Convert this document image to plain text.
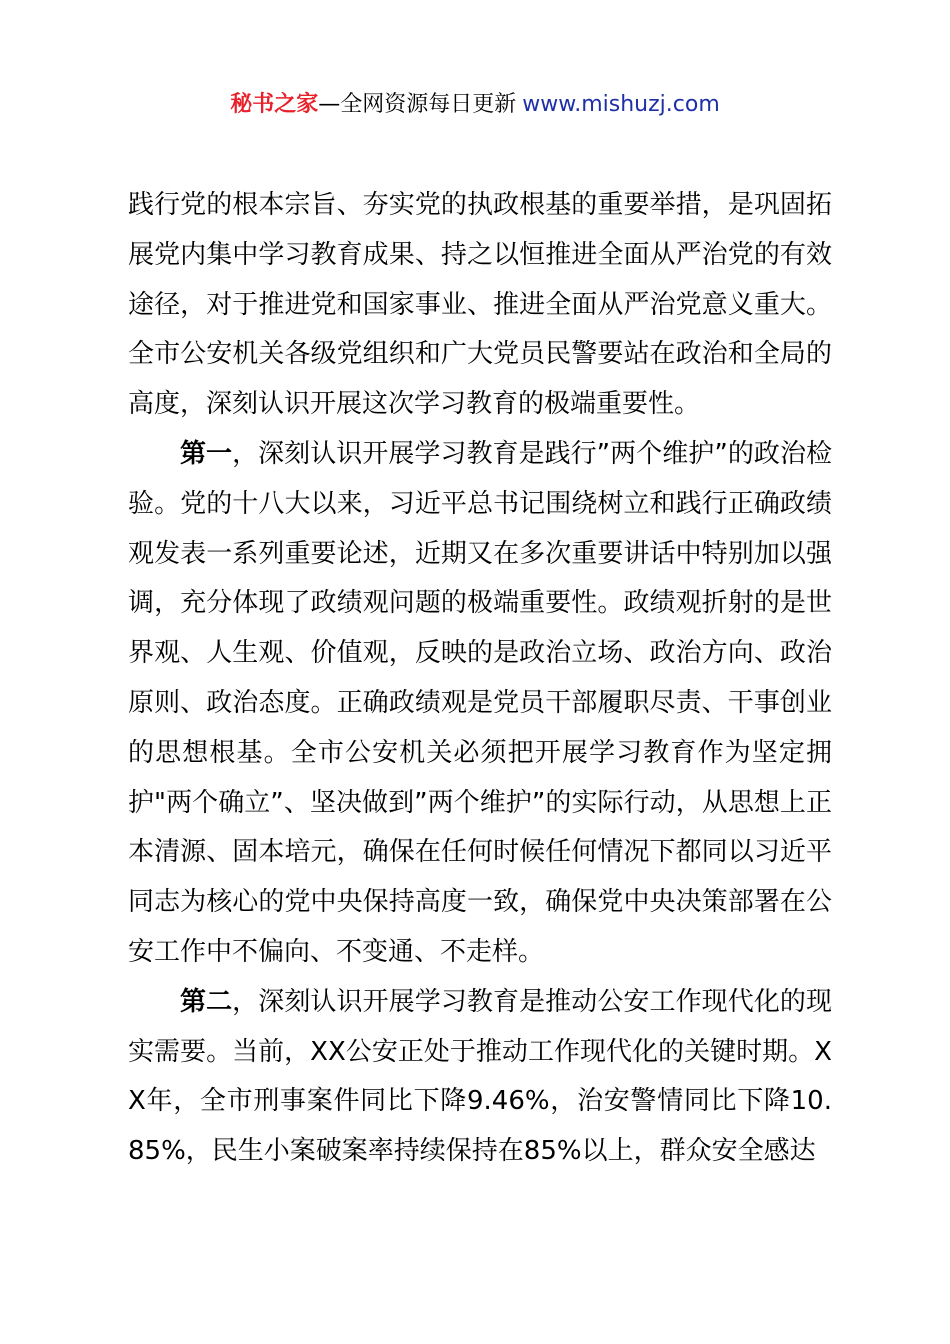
秘书之家—全网资源每日更新 www.mishuzj.com

践行党的根本宗旨、夯实党的执政根基的重要举措，是巩固拓展党内集中学习教育成果、持之以恒推进全面从严治党的有效途径，对于推进党和国家事业、推进全面从严治党意义重大。全市公安机关各级党组织和广大党员民警要站在政治和全局的高度，深刻认识开展这次学习教育的极端重要性。

第一，深刻认识开展学习教育是践行”两个维护”的政治检验。党的十八大以来，习近平总书记围绕树立和践行正确政绩观发表一系列重要论述，近期又在多次重要讲话中特别加以强调，充分体现了政绩观问题的极端重要性。政绩观折射的是世界观、人生观、价值观，反映的是政治立场、政治方向、政治原则、政治态度。正确政绩观是党员干部履职尽责、干事创业的思想根基。全市公安机关必须把开展学习教育作为坚定拥护"两个确立”、坚决做到”两个维护”的实际行动，从思想上正本清源、固本培元，确保在任何时候任何情况下都同以习近平同志为核心的党中央保持高度一致，确保党中央决策部署在公安工作中不偏向、不变通、不走样。

第二，深刻认识开展学习教育是推动公安工作现代化的现实需要。当前，XX公安正处于推动工作现代化的关键时期。XX年，全市刑事案件同比下降9.46%，治安警情同比下降10.85%，民生小案破案率持续保持在85%以上，群众安全感达
